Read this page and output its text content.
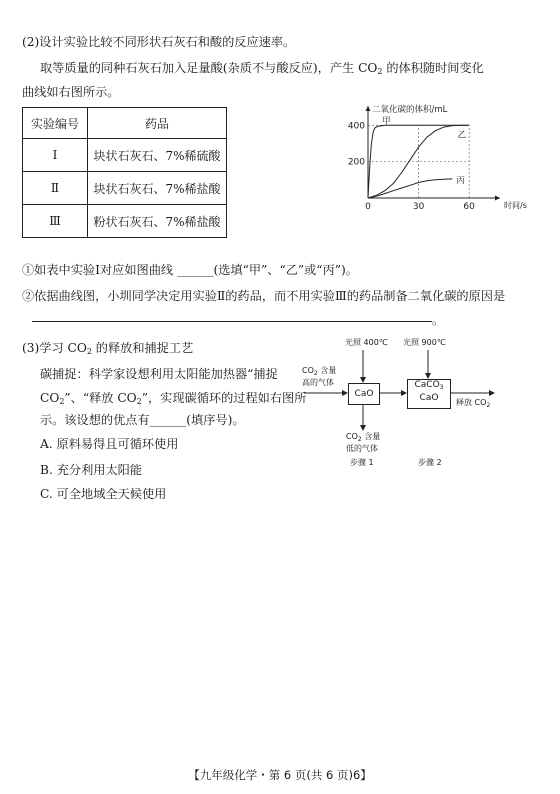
(2)设计实验比较不同形状石灰石和酸的反应速率。
取等质量的同种石灰石加入足量酸(杂质不与酸反应)，产生 $CO_2$ 的体积随时间变化
曲线如右图所示。
实验编号	药品
Ⅰ	块状石灰石、7%稀硫酸
Ⅱ	块状石灰石、7%稀盐酸
Ⅲ	粉状石灰石、7%稀盐酸
0	30	60
200
400
二氧化碳的体积/mL
时间/s
甲
乙
丙
①如表中实验Ⅰ对应如图曲线 ______(选填“甲”、“乙”或“丙”)。
②依据曲线图，小圳同学决定用实验Ⅱ的药品，而不用实验Ⅲ的药品制备二氧化碳的原因是
。
(3)学习 $CO_2$ 的释放和捕捉工艺
碳捕捉：科学家设想利用太阳能加热器“捕捉
$CO_2$”、“释放 $CO_2$”，实现碳循环的过程如右图所
示。该设想的优点有______(填序号)。
A. 原料易得且可循环使用
B. 充分利用太阳能
C. 可全地域全天候使用
光照 400℃ 光照 900℃
$CO_2$ 含量
高的气体
CaO
CaCO$_3$
CaO	释放 $CO_2$
$CO_2$ 含量
低的气体
步骤 1	步骤 2
【九年级化学・第 6 页(共 6 页)6】
